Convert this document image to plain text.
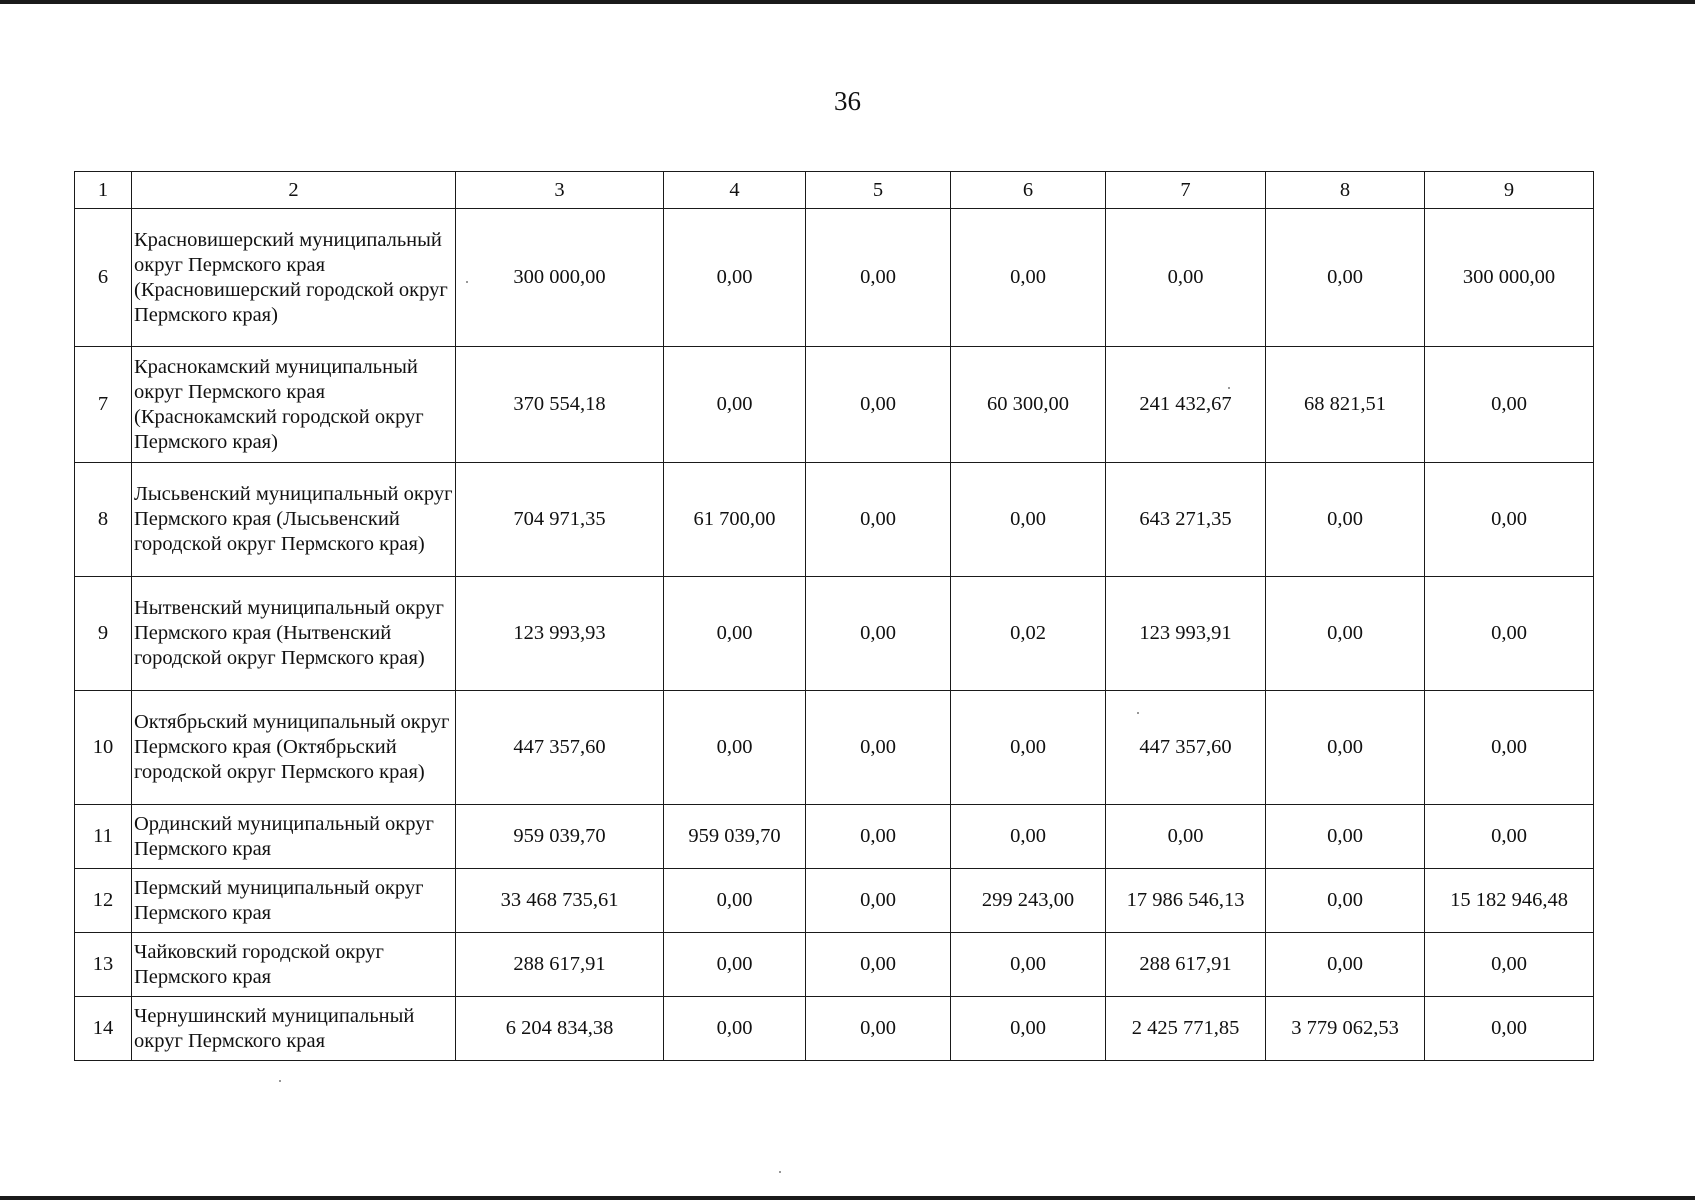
36
1	2	3	4	5	6	7	8	9
6	Красновишерский муниципальный округ Пермского края (Красновишерский городской округ Пермского края)	300 000,00	0,00	0,00	0,00	0,00	0,00	300 000,00
7	Краснокамский муниципальный округ Пермского края (Краснокамский городской округ Пермского края)	370 554,18	0,00	0,00	60 300,00	241 432,67	68 821,51	0,00
8	Лысьвенский муниципальный округ Пермского края (Лысьвенский городской округ Пермского края)	704 971,35	61 700,00	0,00	0,00	643 271,35	0,00	0,00
9	Нытвенский муниципальный округ Пермского края (Нытвенский городской округ Пермского края)	123 993,93	0,00	0,00	0,02	123 993,91	0,00	0,00
10	Октябрьский муниципальный округ Пермского края (Октябрьский городской округ Пермского края)	447 357,60	0,00	0,00	0,00	447 357,60	0,00	0,00
11	Ординский муниципальный округ Пермского края	959 039,70	959 039,70	0,00	0,00	0,00	0,00	0,00
12	Пермский муниципальный округ Пермского края	33 468 735,61	0,00	0,00	299 243,00	17 986 546,13	0,00	15 182 946,48
13	Чайковский городской округ Пермского края	288 617,91	0,00	0,00	0,00	288 617,91	0,00	0,00
14	Чернушинский муниципальный округ Пермского края	6 204 834,38	0,00	0,00	0,00	2 425 771,85	3 779 062,53	0,00
